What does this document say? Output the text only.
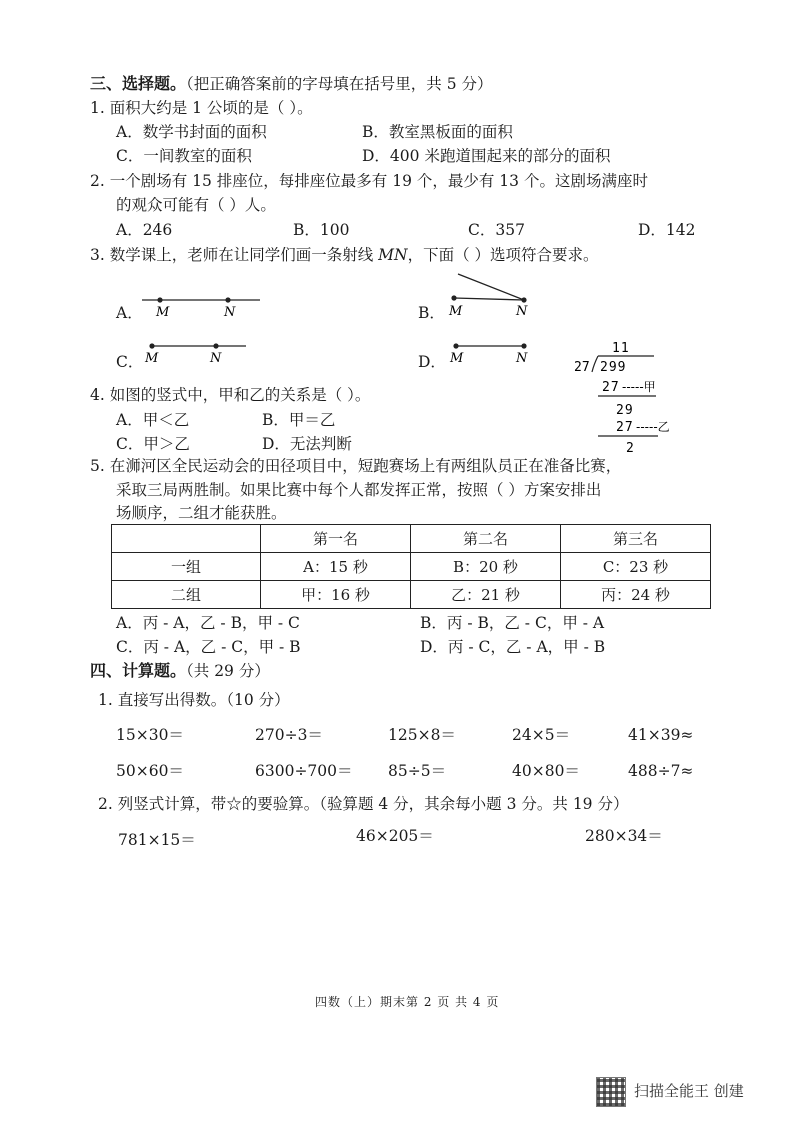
三、选择题。（把正确答案前的字母填在括号里，共 5 分）
1. 面积大约是 1 公顷的是（ ）。
A．数学书封面的面积	B．教室黑板面的面积
C．一间教室的面积	D．400 米跑道围起来的部分的面积
2. 一个剧场有 15 排座位，每排座位最多有 19 个，最少有 13 个。这剧场满座时
的观众可能有（ ）人。
A．246	B．100	C．357	D．142
3. 数学课上，老师在让同学们画一条射线 MN，下面（ ）选项符合要求。
A． M	N	B． M	N
C． M	N	D． M	N
11
27 299
27 -----甲
29
27 -----乙
2
4. 如图的竖式中，甲和乙的关系是（ ）。
A．甲＜乙	B．甲＝乙
C．甲＞乙	D．无法判断
5. 在浉河区全民运动会的田径项目中，短跑赛场上有两组队员正在准备比赛，
采取三局两胜制。如果比赛中每个人都发挥正常，按照（ ）方案安排出
场顺序，二组才能获胜。
	第一名	第二名	第三名
一组	A：15 秒	B：20 秒	C：23 秒
二组	甲：16 秒	乙：21 秒	丙：24 秒
A．丙 - A，乙 - B，甲 - C	B．丙 - B，乙 - C，甲 - A
C．丙 - A，乙 - C，甲 - B	D．丙 - C，乙 - A，甲 - B
四、计算题。（共 29 分）
1. 直接写出得数。（10 分）
15×30＝	270÷3＝	125×8＝	24×5＝	41×39≈
50×60＝	6300÷700＝ 85÷5＝	40×80＝	488÷7≈
2. 列竖式计算，带☆的要验算。（验算题 4 分，其余每小题 3 分。共 19 分）
781×15＝	46×205＝	280×34＝
四数（上）期末第 2 页 共 4 页
扫描全能王 创建
